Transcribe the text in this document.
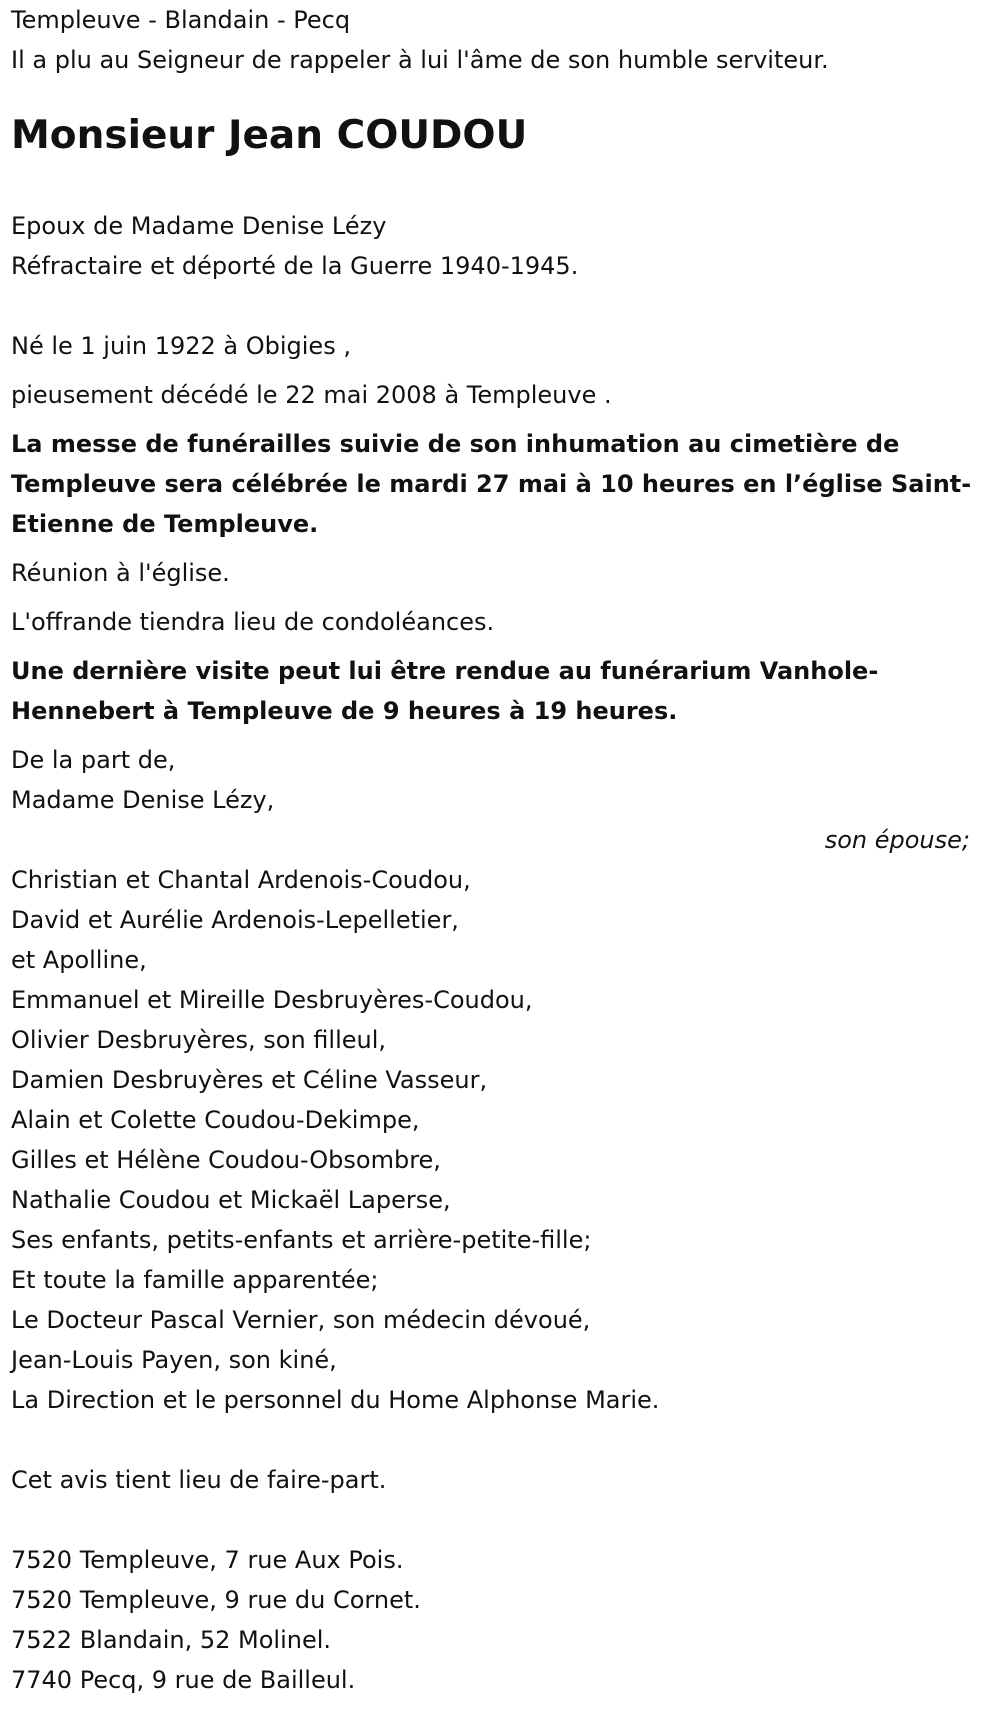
Templeuve - Blandain - Pecq
Il a plu au Seigneur de rappeler à lui l'âme de son humble serviteur.
Monsieur Jean COUDOU
Epoux de Madame Denise Lézy
Réfractaire et déporté de la Guerre 1940-1945.
Né le 1 juin 1922 à Obigies ,
pieusement décédé le 22 mai 2008 à Templeuve .
La messe de funérailles suivie de son inhumation au cimetière de Templeuve sera célébrée le mardi 27 mai à 10 heures en l’église Saint-Etienne de Templeuve.
Réunion à l'église.
L'offrande tiendra lieu de condoléances.
Une dernière visite peut lui être rendue au funérarium Vanhole-Hennebert à Templeuve de 9 heures à 19 heures.
De la part de,
Madame Denise Lézy,
son épouse;
Christian et Chantal Ardenois-Coudou,
David et Aurélie Ardenois-Lepelletier,
et Apolline,
Emmanuel et Mireille Desbruyères-Coudou,
Olivier Desbruyères, son filleul,
Damien Desbruyères et Céline Vasseur,
Alain et Colette Coudou-Dekimpe,
Gilles et Hélène Coudou-Obsombre,
Nathalie Coudou et Mickaël Laperse,
Ses enfants, petits-enfants et arrière-petite-fille;
Et toute la famille apparentée;
Le Docteur Pascal Vernier, son médecin dévoué,
Jean-Louis Payen, son kiné,
La Direction et le personnel du Home Alphonse Marie.
Cet avis tient lieu de faire-part.
7520 Templeuve, 7 rue Aux Pois.
7520 Templeuve, 9 rue du Cornet.
7522 Blandain, 52 Molinel.
7740 Pecq, 9 rue de Bailleul.
